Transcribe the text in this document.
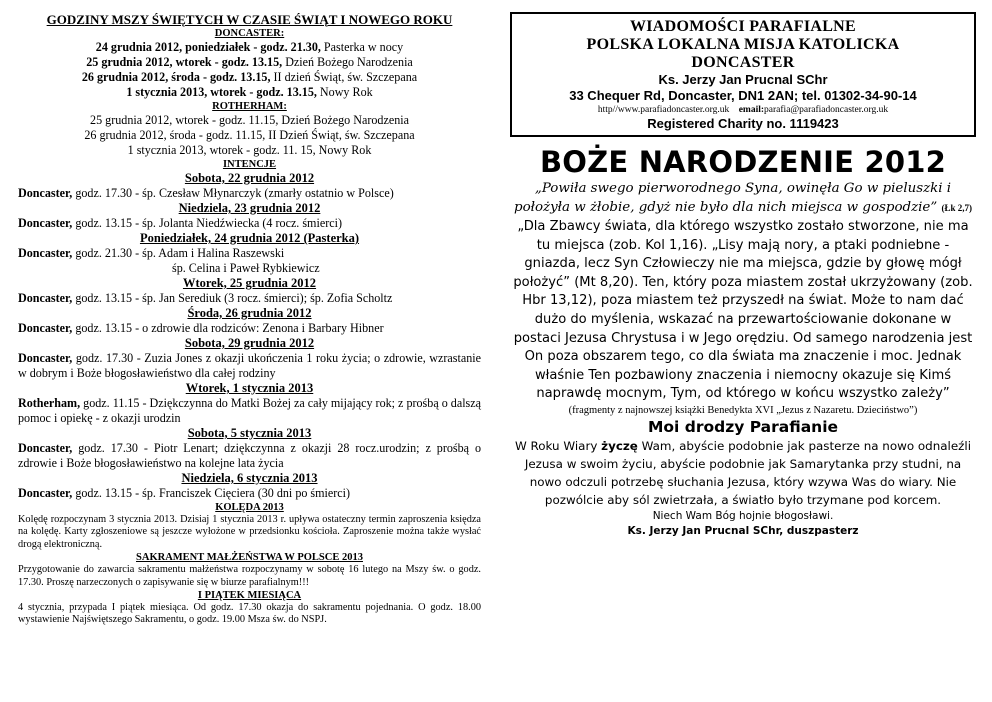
GODZINY MSZY ŚWIĘTYCH W CZASIE ŚWIĄT I NOWEGO ROKU
DONCASTER:
24 grudnia 2012, poniedziałek - godz. 21.30, Pasterka w nocy
25 grudnia 2012, wtorek - godz. 13.15, Dzień Bożego Narodzenia
26 grudnia 2012, środa - godz. 13.15, II dzień Świąt, św. Szczepana
1 stycznia 2013, wtorek - godz. 13.15, Nowy Rok
ROTHERHAM:
25 grudnia 2012, wtorek - godz. 11.15, Dzień Bożego Narodzenia
26 grudnia 2012, środa - godz. 11.15, II Dzień Świąt, św. Szczepana
1 stycznia 2013, wtorek - godz. 11. 15, Nowy Rok
INTENCJE
Sobota, 22 grudnia 2012
Doncaster, godz. 17.30 - śp. Czesław Młynarczyk (zmarły ostatnio w Polsce)
Niedziela, 23 grudnia 2012
Doncaster, godz. 13.15 - śp. Jolanta Niedźwiecka (4 rocz. śmierci)
Poniedziałek, 24 grudnia 2012 (Pasterka)
Doncaster, godz. 21.30 - śp. Adam i Halina Raszewski
śp. Celina i Paweł Rybkiewicz
Wtorek, 25 grudnia 2012
Doncaster, godz. 13.15 - śp. Jan Serediuk (3 rocz. śmierci); śp. Zofia Scholtz
Środa, 26 grudnia 2012
Doncaster, godz. 13.15 - o zdrowie dla rodziców: Zenona i Barbary Hibner
Sobota, 29 grudnia 2012
Doncaster, godz. 17.30 - Zuzia Jones z okazji ukończenia 1 roku życia; o zdrowie, wzrastanie w dobrym i Boże błogosławieństwo dla całej rodziny
Wtorek, 1 stycznia 2013
Rotherham, godz. 11.15 - Dziękczynna do Matki Bożej za cały mijający rok; z prośbą o dalszą pomoc i opiekę - z okazji urodzin
Sobota, 5 stycznia 2013
Doncaster, godz. 17.30 - Piotr Lenart; dziękczynna z okazji 28 rocz.urodzin; z prośbą o zdrowie i Boże błogosławieństwo na kolejne lata życia
Niedziela, 6 stycznia 2013
Doncaster, godz. 13.15 - śp. Franciszek Cięciera (30 dni po śmierci)
KOLĘDA 2013
Kolędę rozpoczynam 3 stycznia 2013. Dzisiaj 1 stycznia 2013 r. upływa ostateczny termin zaproszenia księdza na kolędę. Karty zgłoszeniowe są jeszcze wyłożone w przedsionku kościoła. Zaproszenie można także wysłać drogą elektroniczną.
SAKRAMENT MAŁŻEŃSTWA W POLSCE 2013
Przygotowanie do zawarcia sakramentu małżeństwa rozpoczynamy w sobotę 16 lutego na Mszy św. o godz. 17.30. Proszę narzeczonych o zapisywanie się w biurze parafialnym!!!
I PIĄTEK MIESIĄCA
4 stycznia, przypada I piątek miesiąca. Od godz. 17.30 okazja do sakramentu pojednania. O godz. 18.00 wystawienie Najświętszego Sakramentu, o godz. 19.00 Msza św. do NSPJ.
WIADOMOŚCI PARAFIALNE
POLSKA LOKALNA MISJA KATOLICKA
DONCASTER
Ks. Jerzy Jan Prucnal SChr
33 Chequer Rd, Doncaster, DN1 2AN; tel. 01302-34-90-14
http//www.parafiadoncaster.org.uk email:parafia@parafiadoncaster.org.uk
Registered Charity no. 1119423
BOŻE NARODZENIE 2012
„Powiła swego pierworodnego Syna, owinęła Go w pieluszki i położyła w żłobie, gdyż nie było dla nich miejsca w gospodzie” (Łk 2,7)
„Dla Zbawcy świata, dla którego wszystko zostało stworzone, nie ma tu miejsca (zob. Kol 1,16). „Lisy mają nory, a ptaki podniebne - gniazda, lecz Syn Człowieczy nie ma miejsca, gdzie by głowę mógł położyć” (Mt 8,20). Ten, który poza miastem został ukrzyżowany (zob. Hbr 13,12), poza miastem też przyszedł na świat. Może to nam dać dużo do myślenia, wskazać na przewartościowanie dokonane w postaci Jezusa Chrystusa i w Jego orędziu. Od samego narodzenia jest On poza obszarem tego, co dla świata ma znaczenie i moc. Jednak właśnie Ten pozbawiony znaczenia i niemocny okazuje się Kimś naprawdę mocnym, Tym, od którego w końcu wszystko zależy”
(fragmenty z najnowszej książki Benedykta XVI „Jezus z Nazaretu. Dzieciństwo”)
Moi drodzy Parafianie
W Roku Wiary życzę Wam, abyście podobnie jak pasterze na nowo odnaleźli Jezusa w swoim życiu, abyście podobnie jak Samarytanka przy studni, na nowo odczuli potrzebę słuchania Jezusa, który wzywa Was do wiary. Nie pozwólcie aby sól zwietrzała, a światło było trzymane pod korcem.
Niech Wam Bóg hojnie błogosławi.
Ks. Jerzy Jan Prucnal SChr, duszpasterz
